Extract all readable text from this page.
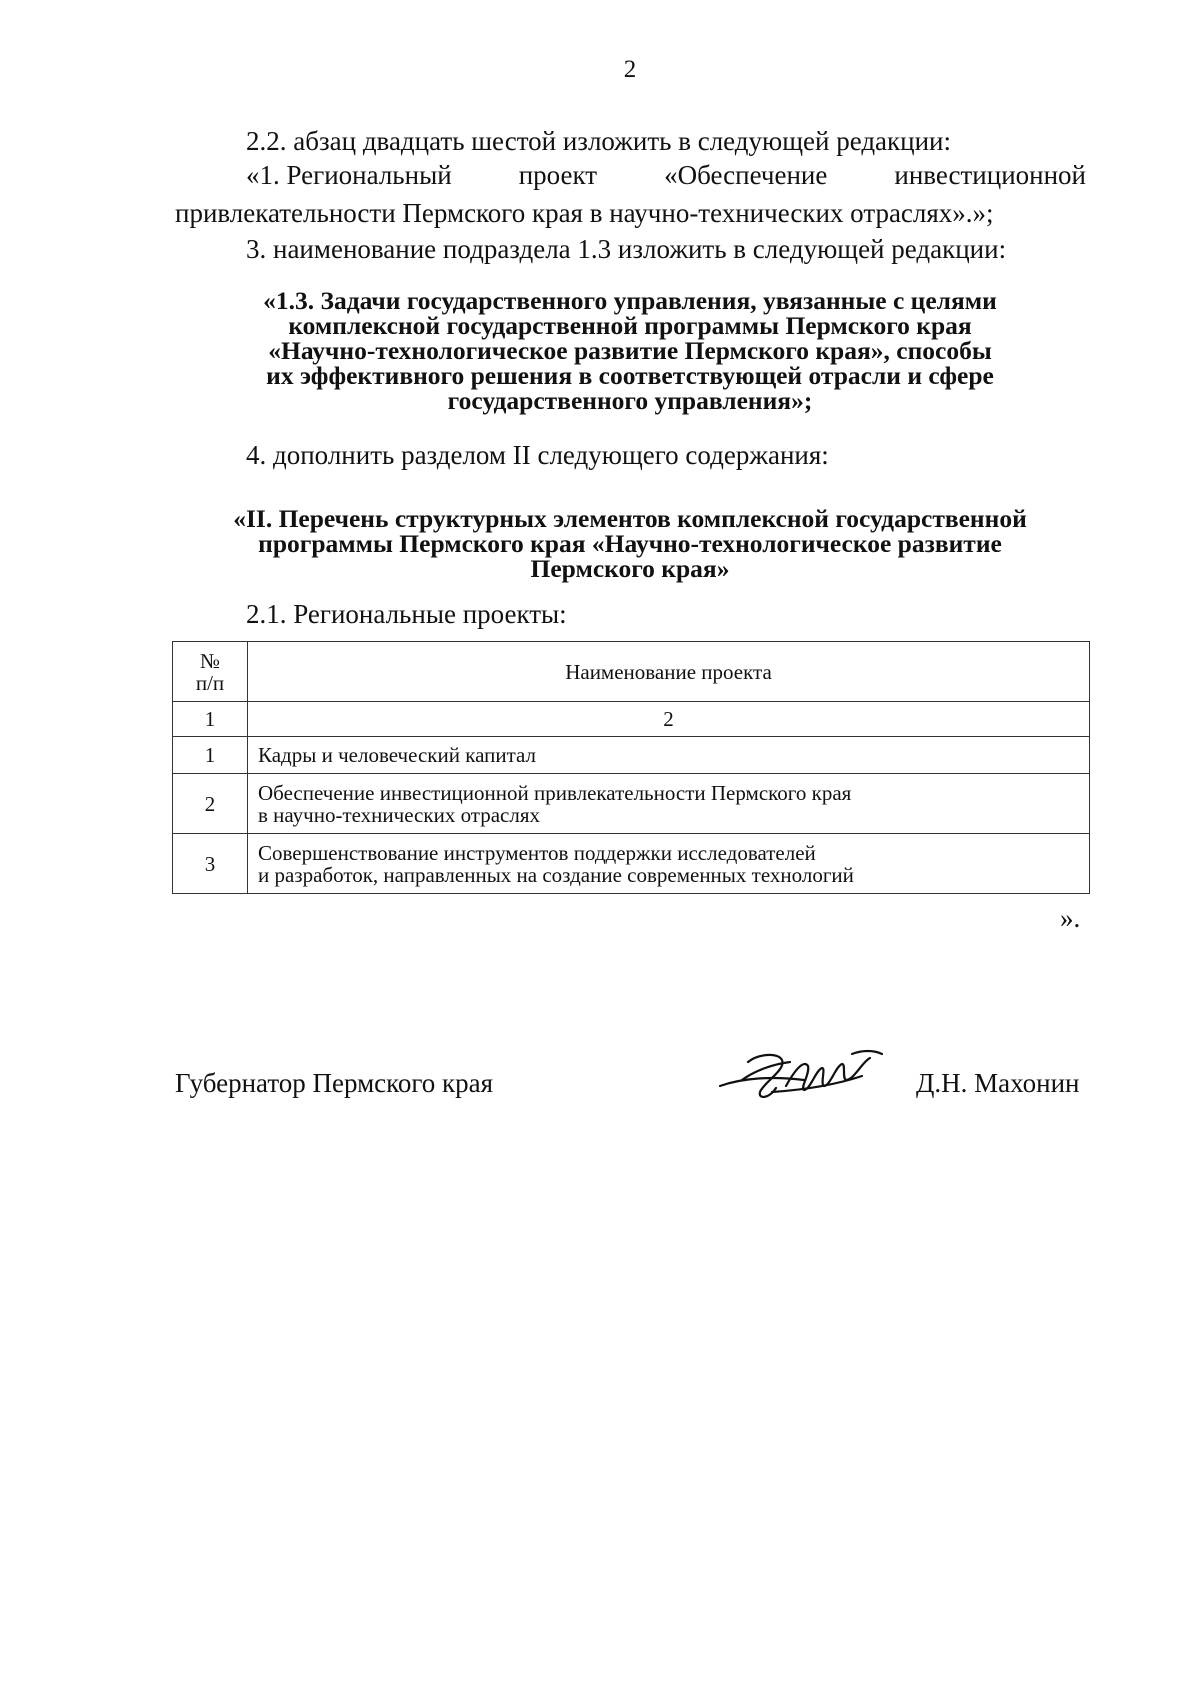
2
2.2. абзац двадцать шестой изложить в следующей редакции:
«1. Региональный проект «Обеспечение инвестиционной
привлекательности Пермского края в научно-технических отраслях».»;
3. наименование подраздела 1.3 изложить в следующей редакции:
«1.3. Задачи государственного управления, увязанные с целями
комплексной государственной программы Пермского края
«Научно-технологическое развитие Пермского края», способы
их эффективного решения в соответствующей отрасли и сфере
государственного управления»;
4. дополнить разделом II следующего содержания:
«II. Перечень структурных элементов комплексной государственной
программы Пермского края «Научно-технологическое развитие
Пермского края»
2.1. Региональные проекты:
№
п/п	Наименование проекта
1	2
1	Кадры и человеческий капитал
2	Обеспечение инвестиционной привлекательности Пермского края
в научно-технических отраслях
3	Совершенствование инструментов поддержки исследователей
и разработок, направленных на создание современных технологий
».
Губернатор Пермского края	Д.Н. Махонин
